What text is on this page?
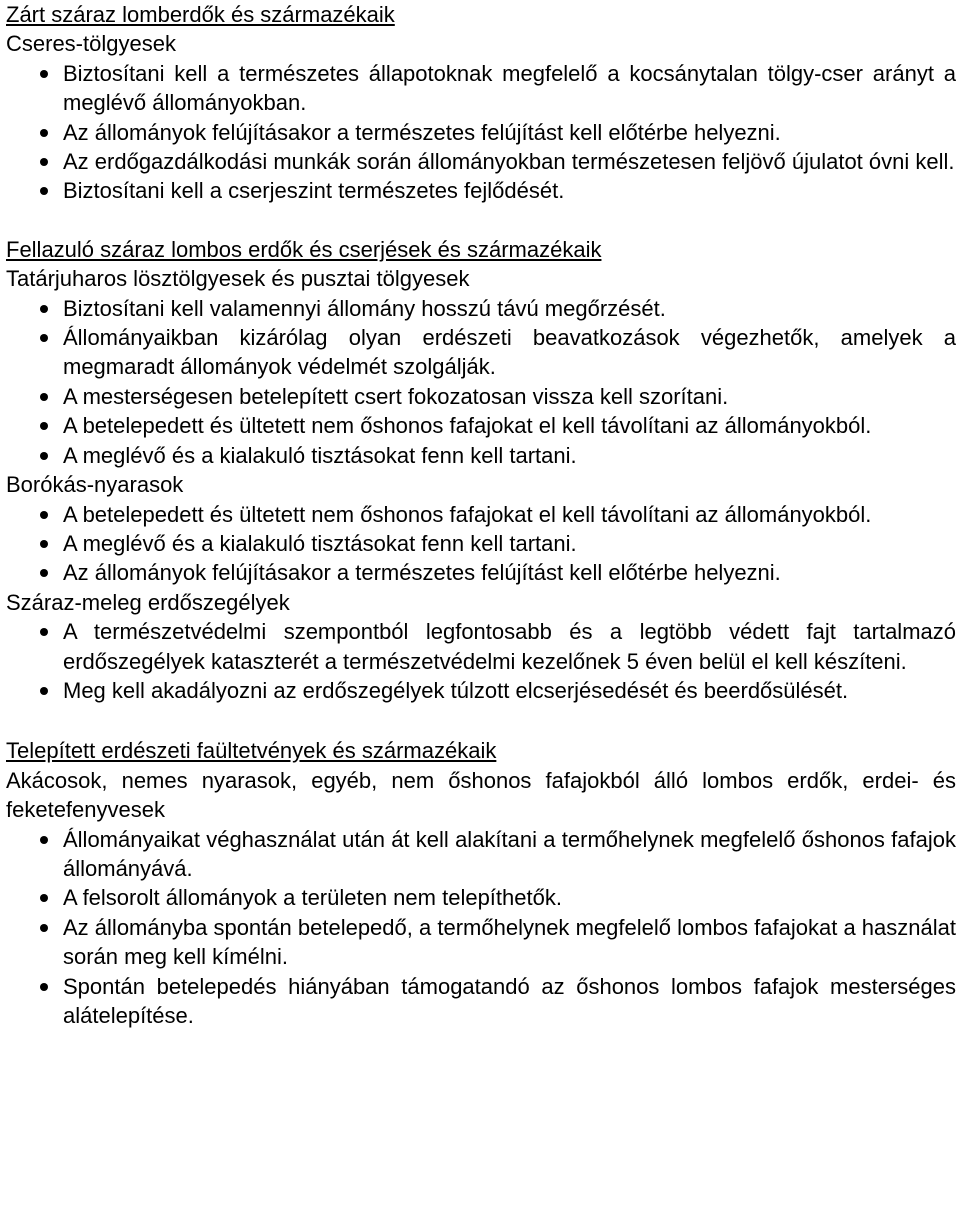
Zárt száraz lomberdők és származékaik

Cseres-tölgyesek

Biztosítani kell a természetes állapotoknak megfelelő a kocsánytalan tölgy-cser arányt a meglévő állományokban.
Az állományok felújításakor a természetes felújítást kell előtérbe helyezni.
Az erdőgazdálkodási munkák során állományokban természetesen feljövő újulatot óvni kell.
Biztosítani kell a cserjeszint természetes fejlődését.
Fellazuló száraz lombos erdők és cserjések és származékaik

Tatárjuharos lösztölgyesek és pusztai tölgyesek

Biztosítani kell valamennyi állomány hosszú távú megőrzését.
Állományaikban kizárólag olyan erdészeti beavatkozások végezhetők, amelyek a megmaradt állományok védelmét szolgálják.
A mesterségesen betelepített csert fokozatosan vissza kell szorítani.
A betelepedett és ültetett nem őshonos fafajokat el kell távolítani az állományokból.
A meglévő és a kialakuló tisztásokat fenn kell tartani.

Borókás-nyarasok

A betelepedett és ültetett nem őshonos fafajokat el kell távolítani az állományokból.
A meglévő és a kialakuló tisztásokat fenn kell tartani.
Az állományok felújításakor a természetes felújítást kell előtérbe helyezni.

Száraz-meleg erdőszegélyek

A természetvédelmi szempontból legfontosabb és a legtöbb védett fajt tartalmazó erdőszegélyek kataszterét a természetvédelmi kezelőnek 5 éven belül el kell készíteni.
Meg kell akadályozni az erdőszegélyek túlzott elcserjésedését és beerdősülését.
Telepített erdészeti faültetvények és származékaik

Akácosok, nemes nyarasok, egyéb, nem őshonos fafajokból álló lombos erdők, erdei- és feketefenyvesek

Állományaikat véghasználat után át kell alakítani a termőhelynek megfelelő őshonos fafajok állományává.
A felsorolt állományok a területen nem telepíthetők.
Az állományba spontán betelepedő, a termőhelynek megfelelő lombos fafajokat a használat során meg kell kímélni.
Spontán betelepedés hiányában támogatandó az őshonos lombos fafajok mesterséges alátelepítése.
